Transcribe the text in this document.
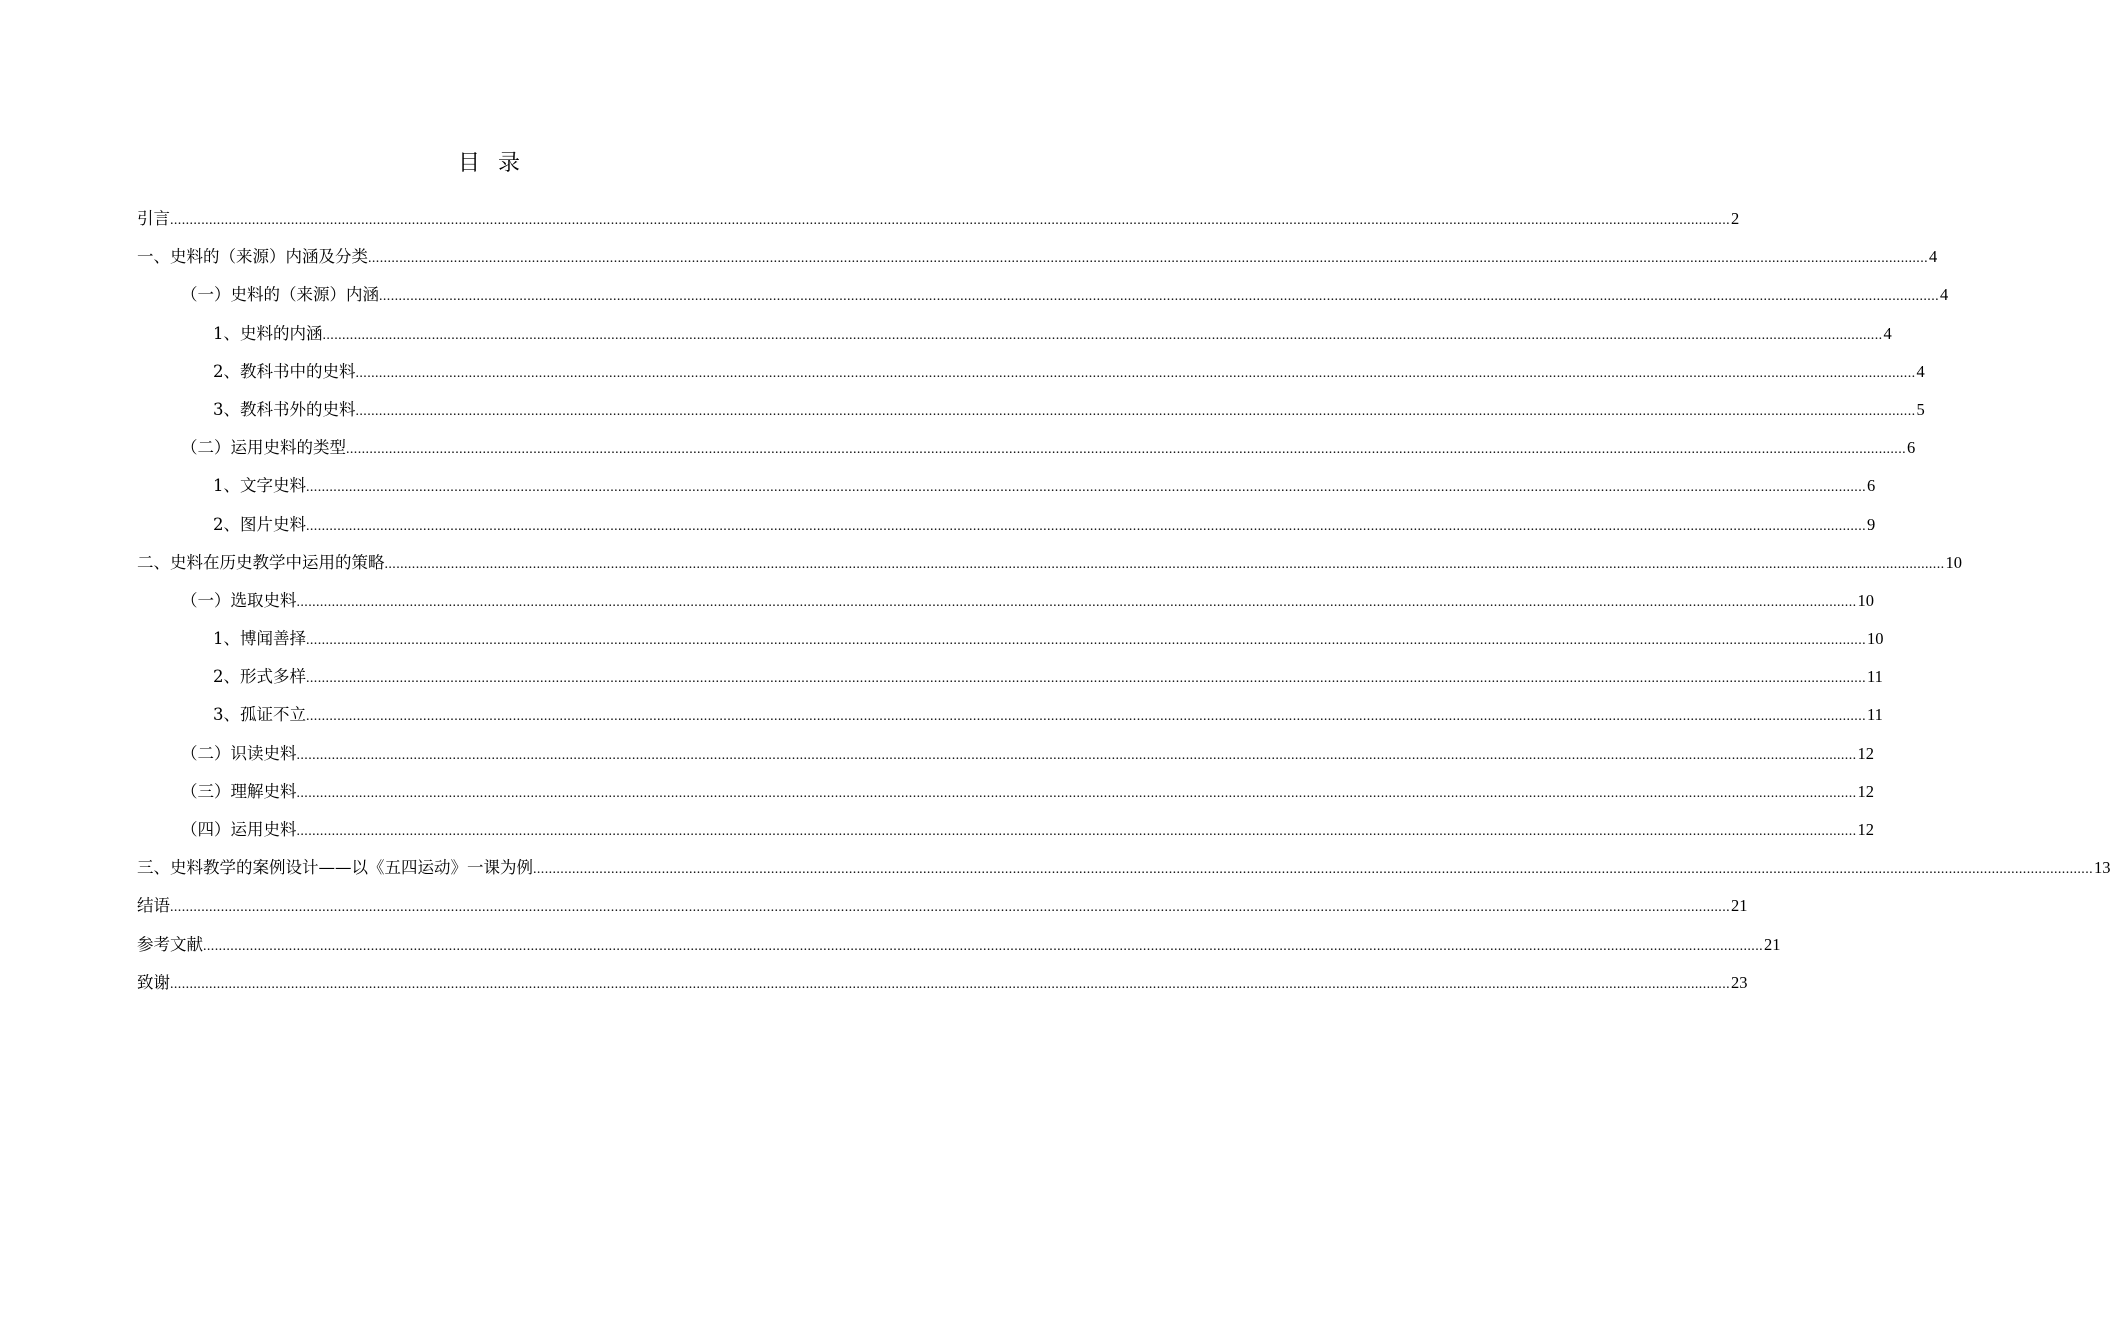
目录
引言 ................................................................................................................................................................................................................................................................................................................................................................................................................ 2
一、史料的（来源）内涵及分类 ................................................................................................................................................................................................................................................................................................................................................................................................................ 4
（一）史料的（来源）内涵 ................................................................................................................................................................................................................................................................................................................................................................................................................ 4
1、史料的内涵 ................................................................................................................................................................................................................................................................................................................................................................................................................ 4
2、教科书中的史料 ................................................................................................................................................................................................................................................................................................................................................................................................................ 4
3、教科书外的史料 ................................................................................................................................................................................................................................................................................................................................................................................................................ 5
（二）运用史料的类型 ................................................................................................................................................................................................................................................................................................................................................................................................................ 6
1、文字史料 ................................................................................................................................................................................................................................................................................................................................................................................................................ 6
2、图片史料 ................................................................................................................................................................................................................................................................................................................................................................................................................ 9
二、史料在历史教学中运用的策略 ................................................................................................................................................................................................................................................................................................................................................................................................................ 10
（一）选取史料 ................................................................................................................................................................................................................................................................................................................................................................................................................ 10
1、博闻善择 ................................................................................................................................................................................................................................................................................................................................................................................................................ 10
2、形式多样 ................................................................................................................................................................................................................................................................................................................................................................................................................ 11
3、孤证不立 ................................................................................................................................................................................................................................................................................................................................................................................................................ 11
（二）识读史料 ................................................................................................................................................................................................................................................................................................................................................................................................................ 12
（三）理解史料 ................................................................................................................................................................................................................................................................................................................................................................................................................ 12
（四）运用史料 ................................................................................................................................................................................................................................................................................................................................................................................................................ 12
三、史料教学的案例设计——以《五四运动》一课为例 ................................................................................................................................................................................................................................................................................................................................................................................................................ 13
结语 ................................................................................................................................................................................................................................................................................................................................................................................................................ 21
参考文献 ................................................................................................................................................................................................................................................................................................................................................................................................................ 21
致谢 ................................................................................................................................................................................................................................................................................................................................................................................................................ 23
